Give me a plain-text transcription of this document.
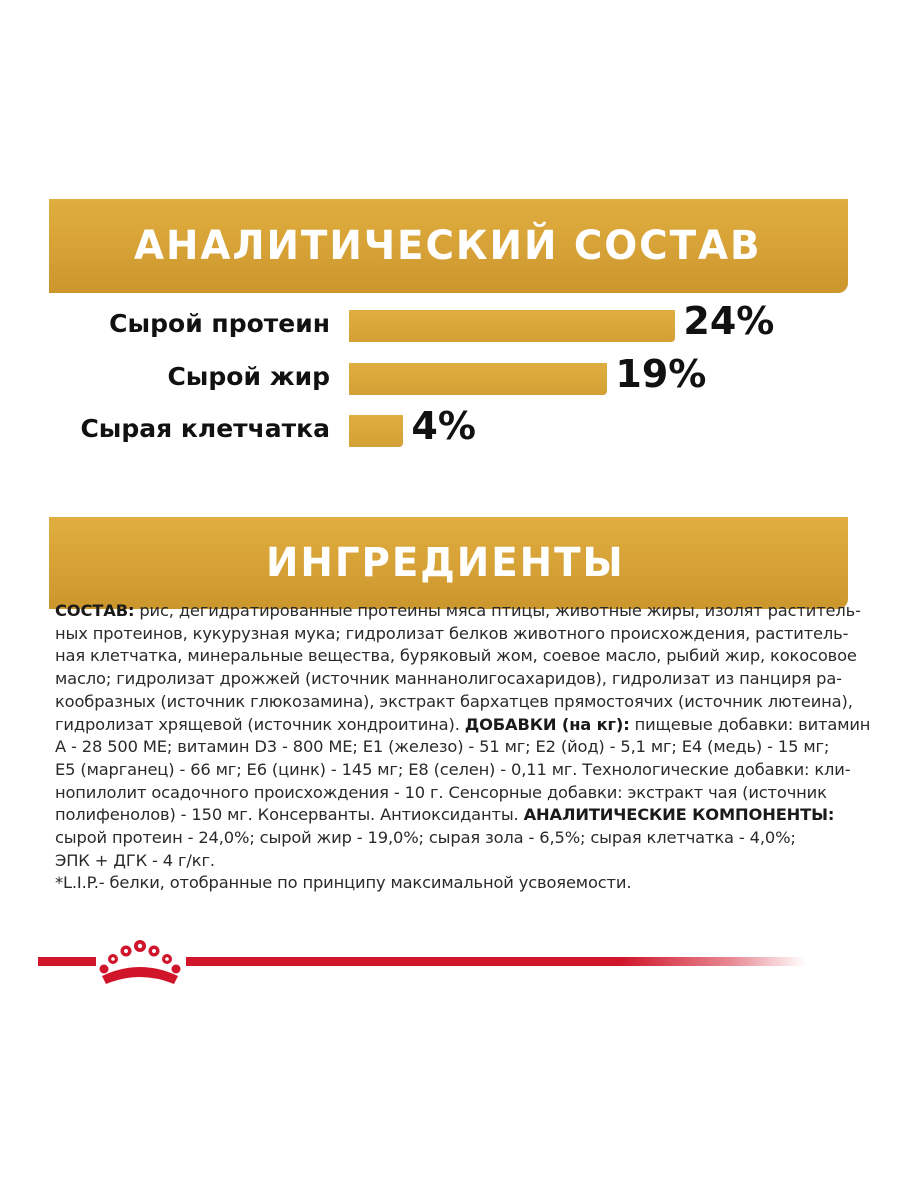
АНАЛИТИЧЕСКИЙ СОСТАВ
Сырой протеин	24%
Сырой жир	19%
Сырая клетчатка 4%
ИНГРЕДИЕНТЫ

СОСТАВ: рис, дегидратированные протеины мяса птицы, животные жиры, изолят раститель-

ных протеинов, кукурузная мука; гидролизат белков животного происхождения, раститель-

ная клетчатка, минеральные вещества, буряковый жом, соевое масло, рыбий жир, кокосовое

масло; гидролизат дрожжей (источник маннанолигосахаридов), гидролизат из панциря ра-

кообразных (источник глюкозамина), экстракт бархатцев прямостоячих (источник лютеина),

гидролизат хрящевой (источник хондроитина). ДОБАВКИ (на кг): пищевые добавки: витамин

А - 28 500 МЕ; витамин D3 - 800 МЕ; Е1 (железо) - 51 мг; Е2 (йод) - 5,1 мг; Е4 (медь) - 15 мг;

Е5 (марганец) - 66 мг; Е6 (цинк) - 145 мг; Е8 (селен) - 0,11 мг. Технологические добавки: кли-

нопилолит осадочного происхождения - 10 г. Сенсорные добавки: экстракт чая (источник

полифенолов) - 150 мг. Консерванты. Антиоксиданты. АНАЛИТИЧЕСКИЕ КОМПОНЕНТЫ:

сырой протеин - 24,0%; сырой жир - 19,0%; сырая зола - 6,5%; сырая клетчатка - 4,0%;

ЭПК + ДГК - 4 г/кг.

*L.I.P.- белки, отобранные по принципу максимальной усвояемости.
